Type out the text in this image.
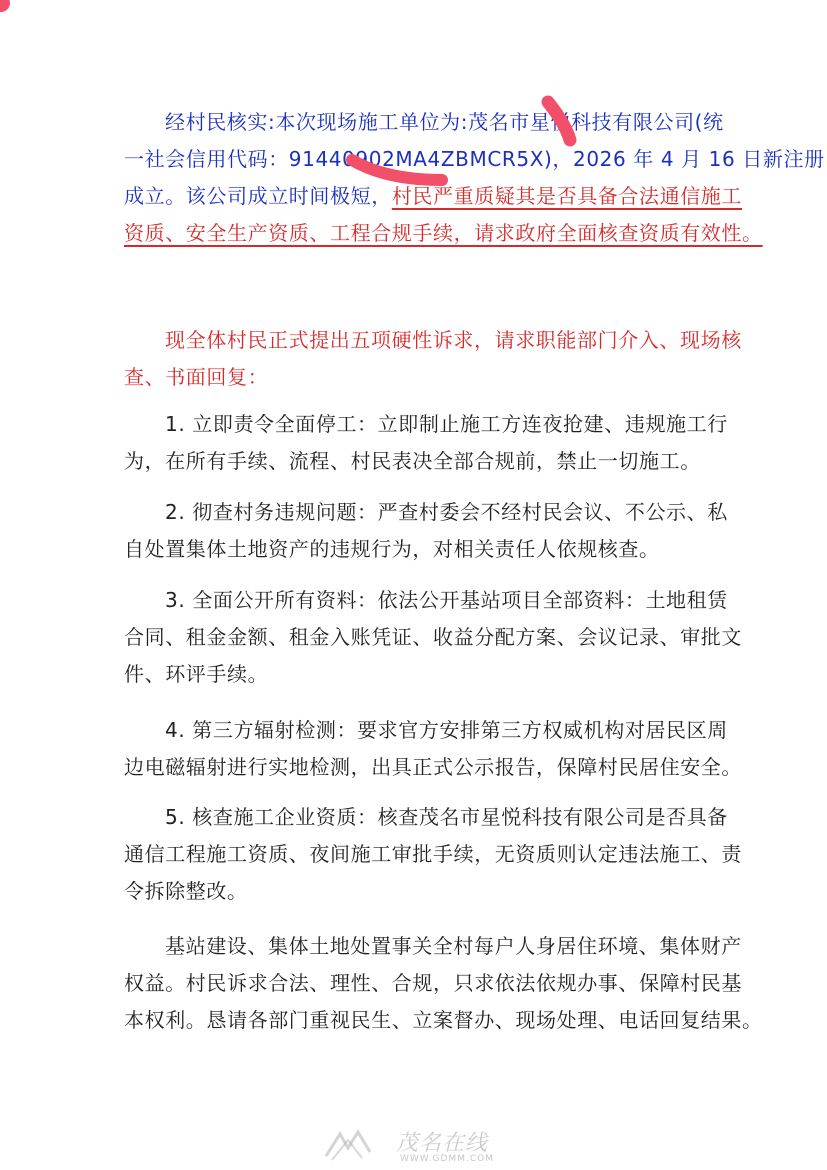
经村民核实:本次现场施工单位为:茂名市星悦科技有限公司(统
一社会信用代码：91440902MA4ZBMCR5X)，2026 年 4 月 16 日新注册
成立。该公司成立时间极短，村民严重质疑其是否具备合法通信施工
资质、安全生产资质、工程合规手续，请求政府全面核查资质有效性。
现全体村民正式提出五项硬性诉求，请求职能部门介入、现场核
查、书面回复：
1. 立即责令全面停工：立即制止施工方连夜抢建、违规施工行
为，在所有手续、流程、村民表决全部合规前，禁止一切施工。
2. 彻查村务违规问题：严查村委会不经村民会议、不公示、私
自处置集体土地资产的违规行为，对相关责任人依规核查。
3. 全面公开所有资料：依法公开基站项目全部资料：土地租赁
合同、租金金额、租金入账凭证、收益分配方案、会议记录、审批文
件、环评手续。
4. 第三方辐射检测：要求官方安排第三方权威机构对居民区周
边电磁辐射进行实地检测，出具正式公示报告，保障村民居住安全。
5. 核查施工企业资质：核查茂名市星悦科技有限公司是否具备
通信工程施工资质、夜间施工审批手续，无资质则认定违法施工、责
令拆除整改。
基站建设、集体土地处置事关全村每户人身居住环境、集体财产
权益。村民诉求合法、理性、合规，只求依法依规办事、保障村民基
本权利。恳请各部门重视民生、立案督办、现场处理、电话回复结果。
茂名在线
WWW.GDMM.COM
